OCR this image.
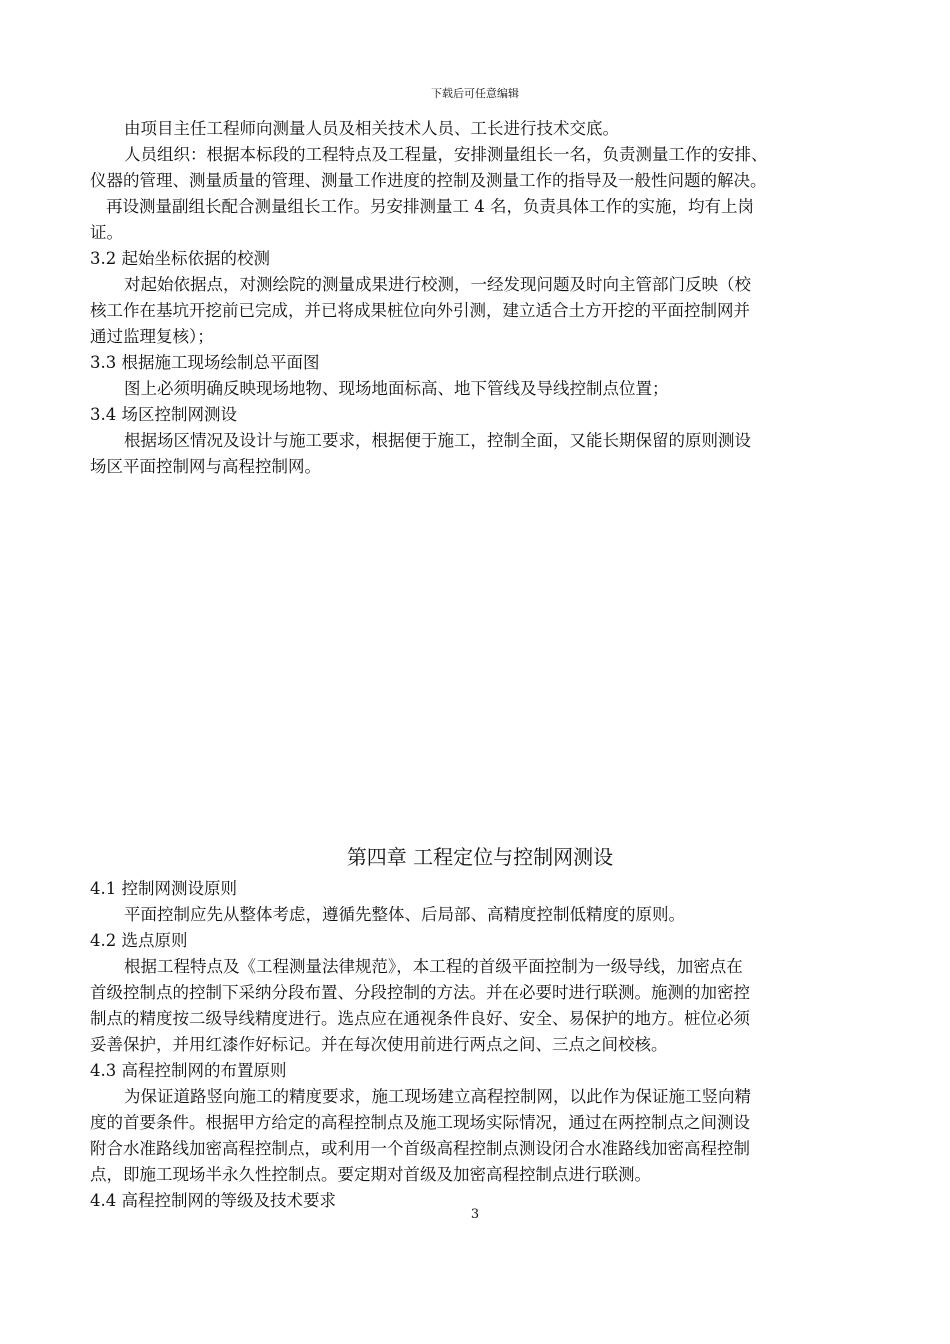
下载后可任意编辑
由项目主任工程师向测量人员及相关技术人员、工长进行技术交底。
人员组织：根据本标段的工程特点及工程量，安排测量组长一名，负责测量工作的安排、
仪器的管理、测量质量的管理、测量工作进度的控制及测量工作的指导及一般性问题的解决。
再设测量副组长配合测量组长工作。另安排测量工 4 名，负责具体工作的实施，均有上岗
证。
3.2 起始坐标依据的校测
对起始依据点，对测绘院的测量成果进行校测，一经发现问题及时向主管部门反映（校
核工作在基坑开挖前已完成，并已将成果桩位向外引测，建立适合土方开挖的平面控制网并
通过监理复核）；
3.3 根据施工现场绘制总平面图
图上必须明确反映现场地物、现场地面标高、地下管线及导线控制点位置；
3.4 场区控制网测设
根据场区情况及设计与施工要求，根据便于施工，控制全面，又能长期保留的原则测设
场区平面控制网与高程控制网。
第四章 工程定位与控制网测设
4.1 控制网测设原则
平面控制应先从整体考虑，遵循先整体、后局部、高精度控制低精度的原则。
4.2 选点原则
根据工程特点及《工程测量法律规范》，本工程的首级平面控制为一级导线，加密点在
首级控制点的控制下采纳分段布置、分段控制的方法。并在必要时进行联测。施测的加密控
制点的精度按二级导线精度进行。选点应在通视条件良好、安全、易保护的地方。桩位必须
妥善保护，并用红漆作好标记。并在每次使用前进行两点之间、三点之间校核。
4.3 高程控制网的布置原则
为保证道路竖向施工的精度要求，施工现场建立高程控制网，以此作为保证施工竖向精
度的首要条件。根据甲方给定的高程控制点及施工现场实际情况，通过在两控制点之间测设
附合水准路线加密高程控制点，或利用一个首级高程控制点测设闭合水准路线加密高程控制
点，即施工现场半永久性控制点。要定期对首级及加密高程控制点进行联测。
4.4 高程控制网的等级及技术要求
3
